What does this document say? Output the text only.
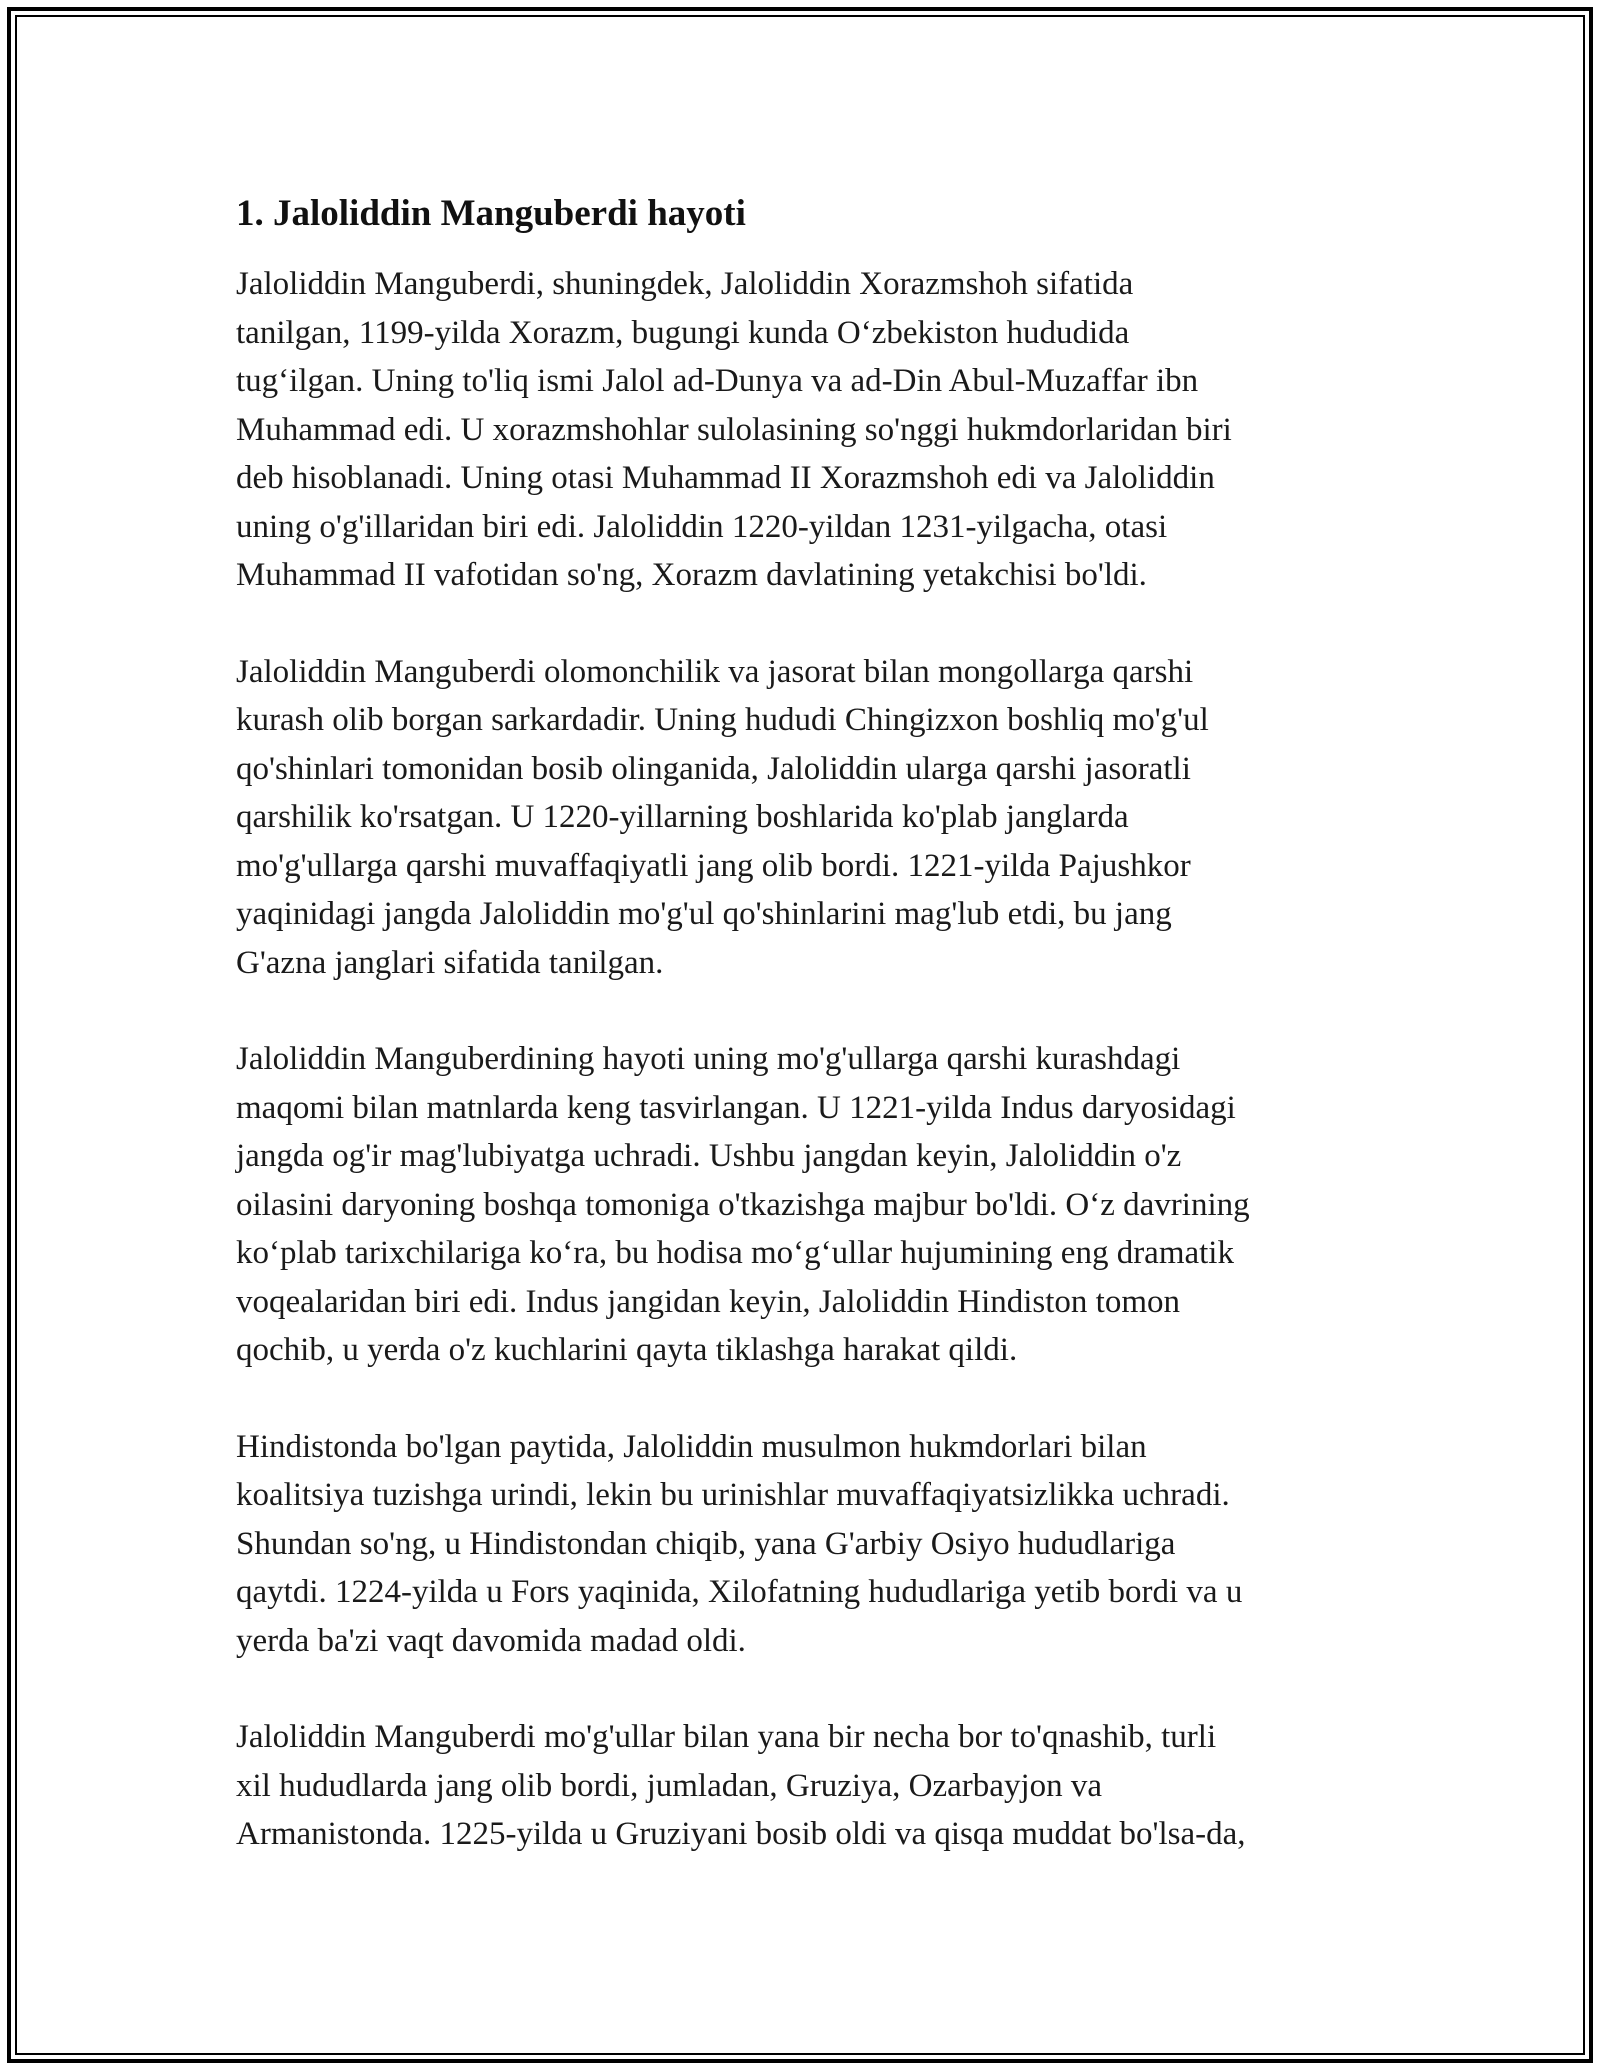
1. Jaloliddin Manguberdi hayoti

Jaloliddin Manguberdi, shuningdek, Jaloliddin Xorazmshoh sifatida
tanilgan, 1199-yilda Xorazm, bugungi kunda O‘zbekiston hududida
tug‘ilgan. Uning to'liq ismi Jalol ad-Dunya va ad-Din Abul-Muzaffar ibn
Muhammad edi. U xorazmshohlar sulolasining so'nggi hukmdorlaridan biri
deb hisoblanadi. Uning otasi Muhammad II Xorazmshoh edi va Jaloliddin
uning o'g'illaridan biri edi. Jaloliddin 1220-yildan 1231-yilgacha, otasi
Muhammad II vafotidan so'ng, Xorazm davlatining yetakchisi bo'ldi.

Jaloliddin Manguberdi olomonchilik va jasorat bilan mongollarga qarshi
kurash olib borgan sarkardadir. Uning hududi Chingizxon boshliq mo'g'ul
qo'shinlari tomonidan bosib olinganida, Jaloliddin ularga qarshi jasoratli
qarshilik ko'rsatgan. U 1220-yillarning boshlarida ko'plab janglarda
mo'g'ullarga qarshi muvaffaqiyatli jang olib bordi. 1221-yilda Pajushkor
yaqinidagi jangda Jaloliddin mo'g'ul qo'shinlarini mag'lub etdi, bu jang
G'azna janglari sifatida tanilgan.

Jaloliddin Manguberdining hayoti uning mo'g'ullarga qarshi kurashdagi
maqomi bilan matnlarda keng tasvirlangan. U 1221-yilda Indus daryosidagi
jangda og'ir mag'lubiyatga uchradi. Ushbu jangdan keyin, Jaloliddin o'z
oilasini daryoning boshqa tomoniga o'tkazishga majbur bo'ldi. O‘z davrining
ko‘plab tarixchilariga ko‘ra, bu hodisa mo‘g‘ullar hujumining eng dramatik
voqealaridan biri edi. Indus jangidan keyin, Jaloliddin Hindiston tomon
qochib, u yerda o'z kuchlarini qayta tiklashga harakat qildi.

Hindistonda bo'lgan paytida, Jaloliddin musulmon hukmdorlari bilan
koalitsiya tuzishga urindi, lekin bu urinishlar muvaffaqiyatsizlikka uchradi.
Shundan so'ng, u Hindistondan chiqib, yana G'arbiy Osiyo hududlariga
qaytdi. 1224-yilda u Fors yaqinida, Xilofatning hududlariga yetib bordi va u
yerda ba'zi vaqt davomida madad oldi.

Jaloliddin Manguberdi mo'g'ullar bilan yana bir necha bor to'qnashib, turli
xil hududlarda jang olib bordi, jumladan, Gruziya, Ozarbayjon va
Armanistonda. 1225-yilda u Gruziyani bosib oldi va qisqa muddat bo'lsa-da,
